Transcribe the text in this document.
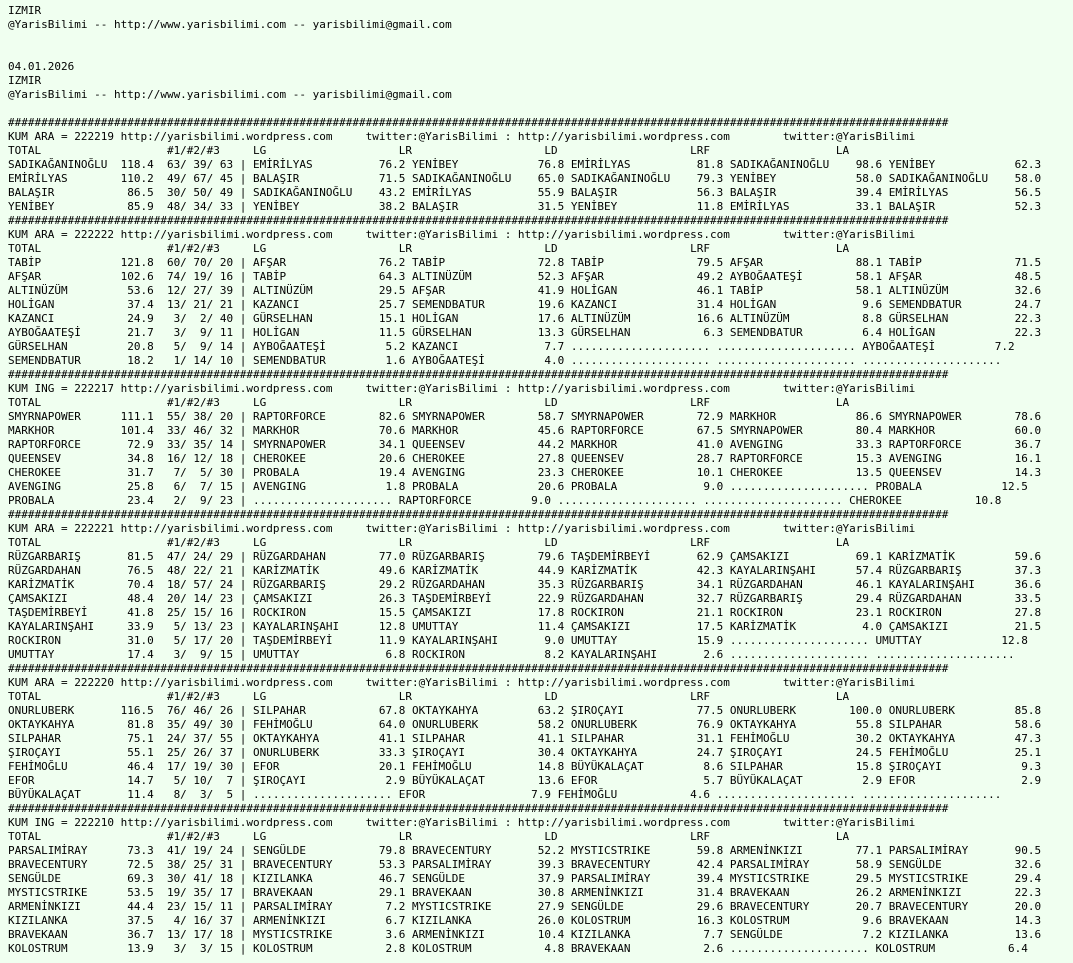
IZMIR
@YarisBilimi -- http://www.yarisbilimi.com -- yarisbilimi@gmail.com
04.01.2026
IZMIR
@YarisBilimi -- http://www.yarisbilimi.com -- yarisbilimi@gmail.com
##############################################################################################################################################
KUM ARA = 222219 http://yarisbilimi.wordpress.com     twitter:@YarisBilimi : http://yarisbilimi.wordpress.com        twitter:@YarisBilimi
TOTAL                   #1/#2/#3     LG                    LR                    LD                    LRF                   LA
SADIKAĞANINOĞLU  118.4  63/ 39/ 63 | EMİRİLYAS          76.2 YENİBEY            76.8 EMİRİLYAS          81.8 SADIKAĞANINOĞLU    98.6 YENİBEY            62.3
EMİRİLYAS        110.2  49/ 67/ 45 | BALAŞIR            71.5 SADIKAĞANINOĞLU    65.0 SADIKAĞANINOĞLU    79.3 YENİBEY            58.0 SADIKAĞANINOĞLU    58.0
BALAŞIR           86.5  30/ 50/ 49 | SADIKAĞANINOĞLU    43.2 EMİRİLYAS          55.9 BALAŞIR            56.3 BALAŞIR            39.4 EMİRİLYAS          56.5
YENİBEY           85.9  48/ 34/ 33 | YENİBEY            38.2 BALAŞIR            31.5 YENİBEY            11.8 EMİRİLYAS          33.1 BALAŞIR            52.3
##############################################################################################################################################
KUM ARA = 222222 http://yarisbilimi.wordpress.com     twitter:@YarisBilimi : http://yarisbilimi.wordpress.com        twitter:@YarisBilimi
TOTAL                   #1/#2/#3     LG                    LR                    LD                    LRF                   LA
TABİP            121.8  60/ 70/ 20 | AFŞAR              76.2 TABİP              72.8 TABİP              79.5 AFŞAR              88.1 TABİP              71.5
AFŞAR            102.6  74/ 19/ 16 | TABİP              64.3 ALTINÜZÜM          52.3 AFŞAR              49.2 AYBOĞAATEŞİ        58.1 AFŞAR              48.5
ALTINÜZÜM         53.6  12/ 27/ 39 | ALTINÜZÜM          29.5 AFŞAR              41.9 HOLİGAN            46.1 TABİP              58.1 ALTINÜZÜM          32.6
HOLİGAN           37.4  13/ 21/ 21 | KAZANCI            25.7 SEMENDBATUR        19.6 KAZANCI            31.4 HOLİGAN             9.6 SEMENDBATUR        24.7
KAZANCI           24.9   3/  2/ 40 | GÜRSELHAN          15.1 HOLİGAN            17.6 ALTINÜZÜM          16.6 ALTINÜZÜM           8.8 GÜRSELHAN          22.3
AYBOĞAATEŞİ       21.7   3/  9/ 11 | HOLİGAN            11.5 GÜRSELHAN          13.3 GÜRSELHAN           6.3 SEMENDBATUR         6.4 HOLİGAN            22.3
GÜRSELHAN         20.8   5/  9/ 14 | AYBOĞAATEŞİ         5.2 KAZANCI             7.7 ..................... ..................... AYBOĞAATEŞİ         7.2
SEMENDBATUR       18.2   1/ 14/ 10 | SEMENDBATUR         1.6 AYBOĞAATEŞİ         4.0 ..................... ..................... .....................
##############################################################################################################################################
KUM ING = 222217 http://yarisbilimi.wordpress.com     twitter:@YarisBilimi : http://yarisbilimi.wordpress.com        twitter:@YarisBilimi
TOTAL                   #1/#2/#3     LG                    LR                    LD                    LRF                   LA
SMYRNAPOWER      111.1  55/ 38/ 20 | RAPTORFORCE        82.6 SMYRNAPOWER        58.7 SMYRNAPOWER        72.9 MARKHOR            86.6 SMYRNAPOWER        78.6
MARKHOR          101.4  33/ 46/ 32 | MARKHOR            70.6 MARKHOR            45.6 RAPTORFORCE        67.5 SMYRNAPOWER        80.4 MARKHOR            60.0
RAPTORFORCE       72.9  33/ 35/ 14 | SMYRNAPOWER        34.1 QUEENSEV           44.2 MARKHOR            41.0 AVENGING           33.3 RAPTORFORCE        36.7
QUEENSEV          34.8  16/ 12/ 18 | CHEROKEE           20.6 CHEROKEE           27.8 QUEENSEV           28.7 RAPTORFORCE        15.3 AVENGING           16.1
CHEROKEE          31.7   7/  5/ 30 | PROBALA            19.4 AVENGING           23.3 CHEROKEE           10.1 CHEROKEE           13.5 QUEENSEV           14.3
AVENGING          25.8   6/  7/ 15 | AVENGING            1.8 PROBALA            20.6 PROBALA             9.0 ..................... PROBALA            12.5
PROBALA           23.4   2/  9/ 23 | ..................... RAPTORFORCE         9.0 ..................... ..................... CHEROKEE           10.8
##############################################################################################################################################
KUM ARA = 222221 http://yarisbilimi.wordpress.com     twitter:@YarisBilimi : http://yarisbilimi.wordpress.com        twitter:@YarisBilimi
TOTAL                   #1/#2/#3     LG                    LR                    LD                    LRF                   LA
RÜZGARBARIŞ       81.5  47/ 24/ 29 | RÜZGARDAHAN        77.0 RÜZGARBARIŞ        79.6 TAŞDEMİRBEYİ       62.9 ÇAMSAKIZI          69.1 KARİZMATİK         59.6
RÜZGARDAHAN       76.5  48/ 22/ 21 | KARİZMATİK         49.6 KARİZMATİK         44.9 KARİZMATİK         42.3 KAYALARINŞAHI      57.4 RÜZGARBARIŞ        37.3
KARİZMATİK        70.4  18/ 57/ 24 | RÜZGARBARIŞ        29.2 RÜZGARDAHAN        35.3 RÜZGARBARIŞ        34.1 RÜZGARDAHAN        46.1 KAYALARINŞAHI      36.6
ÇAMSAKIZI         48.4  20/ 14/ 23 | ÇAMSAKIZI          26.3 TAŞDEMİRBEYİ       22.9 RÜZGARDAHAN        32.7 RÜZGARBARIŞ        29.4 RÜZGARDAHAN        33.5
TAŞDEMİRBEYİ      41.8  25/ 15/ 16 | ROCKIRON           15.5 ÇAMSAKIZI          17.8 ROCKIRON           21.1 ROCKIRON           23.1 ROCKIRON           27.8
KAYALARINŞAHI     33.9   5/ 13/ 23 | KAYALARINŞAHI      12.8 UMUTTAY            11.4 ÇAMSAKIZI          17.5 KARİZMATİK          4.0 ÇAMSAKIZI          21.5
ROCKIRON          31.0   5/ 17/ 20 | TAŞDEMİRBEYİ       11.9 KAYALARINŞAHI       9.0 UMUTTAY            15.9 ..................... UMUTTAY            12.8
UMUTTAY           17.4   3/  9/ 15 | UMUTTAY             6.8 ROCKIRON            8.2 KAYALARINŞAHI       2.6 ..................... .....................
##############################################################################################################################################
KUM ARA = 222220 http://yarisbilimi.wordpress.com     twitter:@YarisBilimi : http://yarisbilimi.wordpress.com        twitter:@YarisBilimi
TOTAL                   #1/#2/#3     LG                    LR                    LD                    LRF                   LA
ONURLUBERK       116.5  76/ 46/ 26 | SILPAHAR           67.8 OKTAYKAHYA         63.2 ŞIROÇAYI           77.5 ONURLUBERK        100.0 ONURLUBERK         85.8
OKTAYKAHYA        81.8  35/ 49/ 30 | FEHİMOĞLU          64.0 ONURLUBERK         58.2 ONURLUBERK         76.9 OKTAYKAHYA         55.8 SILPAHAR           58.6
SILPAHAR          75.1  24/ 37/ 55 | OKTAYKAHYA         41.1 SILPAHAR           41.1 SILPAHAR           31.1 FEHİMOĞLU          30.2 OKTAYKAHYA         47.3
ŞIROÇAYI          55.1  25/ 26/ 37 | ONURLUBERK         33.3 ŞIROÇAYI           30.4 OKTAYKAHYA         24.7 ŞIROÇAYI           24.5 FEHİMOĞLU          25.1
FEHİMOĞLU         46.4  17/ 19/ 30 | EFOR               20.1 FEHİMOĞLU          14.8 BÜYÜKALAÇAT         8.6 SILPAHAR           15.8 ŞIROÇAYI            9.3
EFOR              14.7   5/ 10/  7 | ŞIROÇAYI            2.9 BÜYÜKALAÇAT        13.6 EFOR                5.7 BÜYÜKALAÇAT         2.9 EFOR                2.9
BÜYÜKALAÇAT       11.4   8/  3/  5 | ..................... EFOR                7.9 FEHİMOĞLU           4.6 ..................... .....................
##############################################################################################################################################
KUM ING = 222210 http://yarisbilimi.wordpress.com     twitter:@YarisBilimi : http://yarisbilimi.wordpress.com        twitter:@YarisBilimi
TOTAL                   #1/#2/#3     LG                    LR                    LD                    LRF                   LA
PARSALIMİRAY      73.3  41/ 19/ 24 | SENGÜLDE           79.8 BRAVECENTURY       52.2 MYSTICSTRIKE       59.8 ARMENİNKIZI        77.1 PARSALIMİRAY       90.5
BRAVECENTURY      72.5  38/ 25/ 31 | BRAVECENTURY       53.3 PARSALIMİRAY       39.3 BRAVECENTURY       42.4 PARSALIMİRAY       58.9 SENGÜLDE           32.6
SENGÜLDE          69.3  30/ 41/ 18 | KIZILANKA          46.7 SENGÜLDE           37.9 PARSALIMİRAY       39.4 MYSTICSTRIKE       29.5 MYSTICSTRIKE       29.4
MYSTICSTRIKE      53.5  19/ 35/ 17 | BRAVEKAAN          29.1 BRAVEKAAN          30.8 ARMENİNKIZI        31.4 BRAVEKAAN          26.2 ARMENİNKIZI        22.3
ARMENİNKIZI       44.4  23/ 15/ 11 | PARSALIMİRAY        7.2 MYSTICSTRIKE       27.9 SENGÜLDE           29.6 BRAVECENTURY       20.7 BRAVECENTURY       20.0
KIZILANKA         37.5   4/ 16/ 37 | ARMENİNKIZI         6.7 KIZILANKA          26.0 KOLOSTRUM          16.3 KOLOSTRUM           9.6 BRAVEKAAN          14.3
BRAVEKAAN         36.7  13/ 17/ 18 | MYSTICSTRIKE        3.6 ARMENİNKIZI        10.4 KIZILANKA           7.7 SENGÜLDE            7.2 KIZILANKA          13.6
KOLOSTRUM         13.9   3/  3/ 15 | KOLOSTRUM           2.8 KOLOSTRUM           4.8 BRAVEKAAN           2.6 ..................... KOLOSTRUM           6.4
